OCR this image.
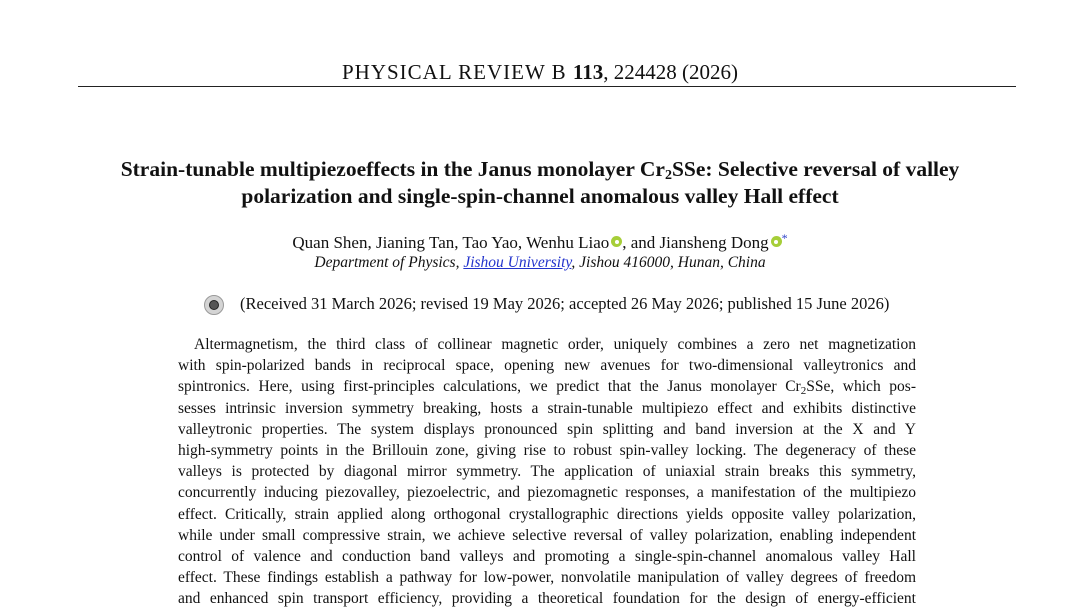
PHYSICAL REVIEW B 113, 224428 (2026)
Strain-tunable multipiezoeffects in the Janus monolayer $Cr_2SSe$: Selective reversal of valley
polarization and single-spin-channel anomalous valley Hall effect
Quan Shen, Jianing Tan, Tao Yao, Wenhu Liao , and Jiansheng Dong *
Department of Physics, Jishou University, Jishou 416000, Hunan, China
(Received 31 March 2026; revised 19 May 2026; accepted 26 May 2026; published 15 June 2026)
Altermagnetism, the third class of collinear magnetic order, uniquely combines a zero net magnetization
with spin-polarized bands in reciprocal space, opening new avenues for two-dimensional valleytronics and
spintronics. Here, using first-principles calculations, we predict that the Janus monolayer $Cr_2SSe$, which pos-
sesses intrinsic inversion symmetry breaking, hosts a strain-tunable multipiezo effect and exhibits distinctive
valleytronic properties. The system displays pronounced spin splitting and band inversion at the X and Y
high-symmetry points in the Brillouin zone, giving rise to robust spin-valley locking. The degeneracy of these
valleys is protected by diagonal mirror symmetry. The application of uniaxial strain breaks this symmetry,
concurrently inducing piezovalley, piezoelectric, and piezomagnetic responses, a manifestation of the multipiezo
effect. Critically, strain applied along orthogonal crystallographic directions yields opposite valley polarization,
while under small compressive strain, we achieve selective reversal of valley polarization, enabling independent
control of valence and conduction band valleys and promoting a single-spin-channel anomalous valley Hall
effect. These findings establish a pathway for low-power, nonvolatile manipulation of valley degrees of freedom
and enhanced spin transport efficiency, providing a theoretical foundation for the design of energy-efficient
